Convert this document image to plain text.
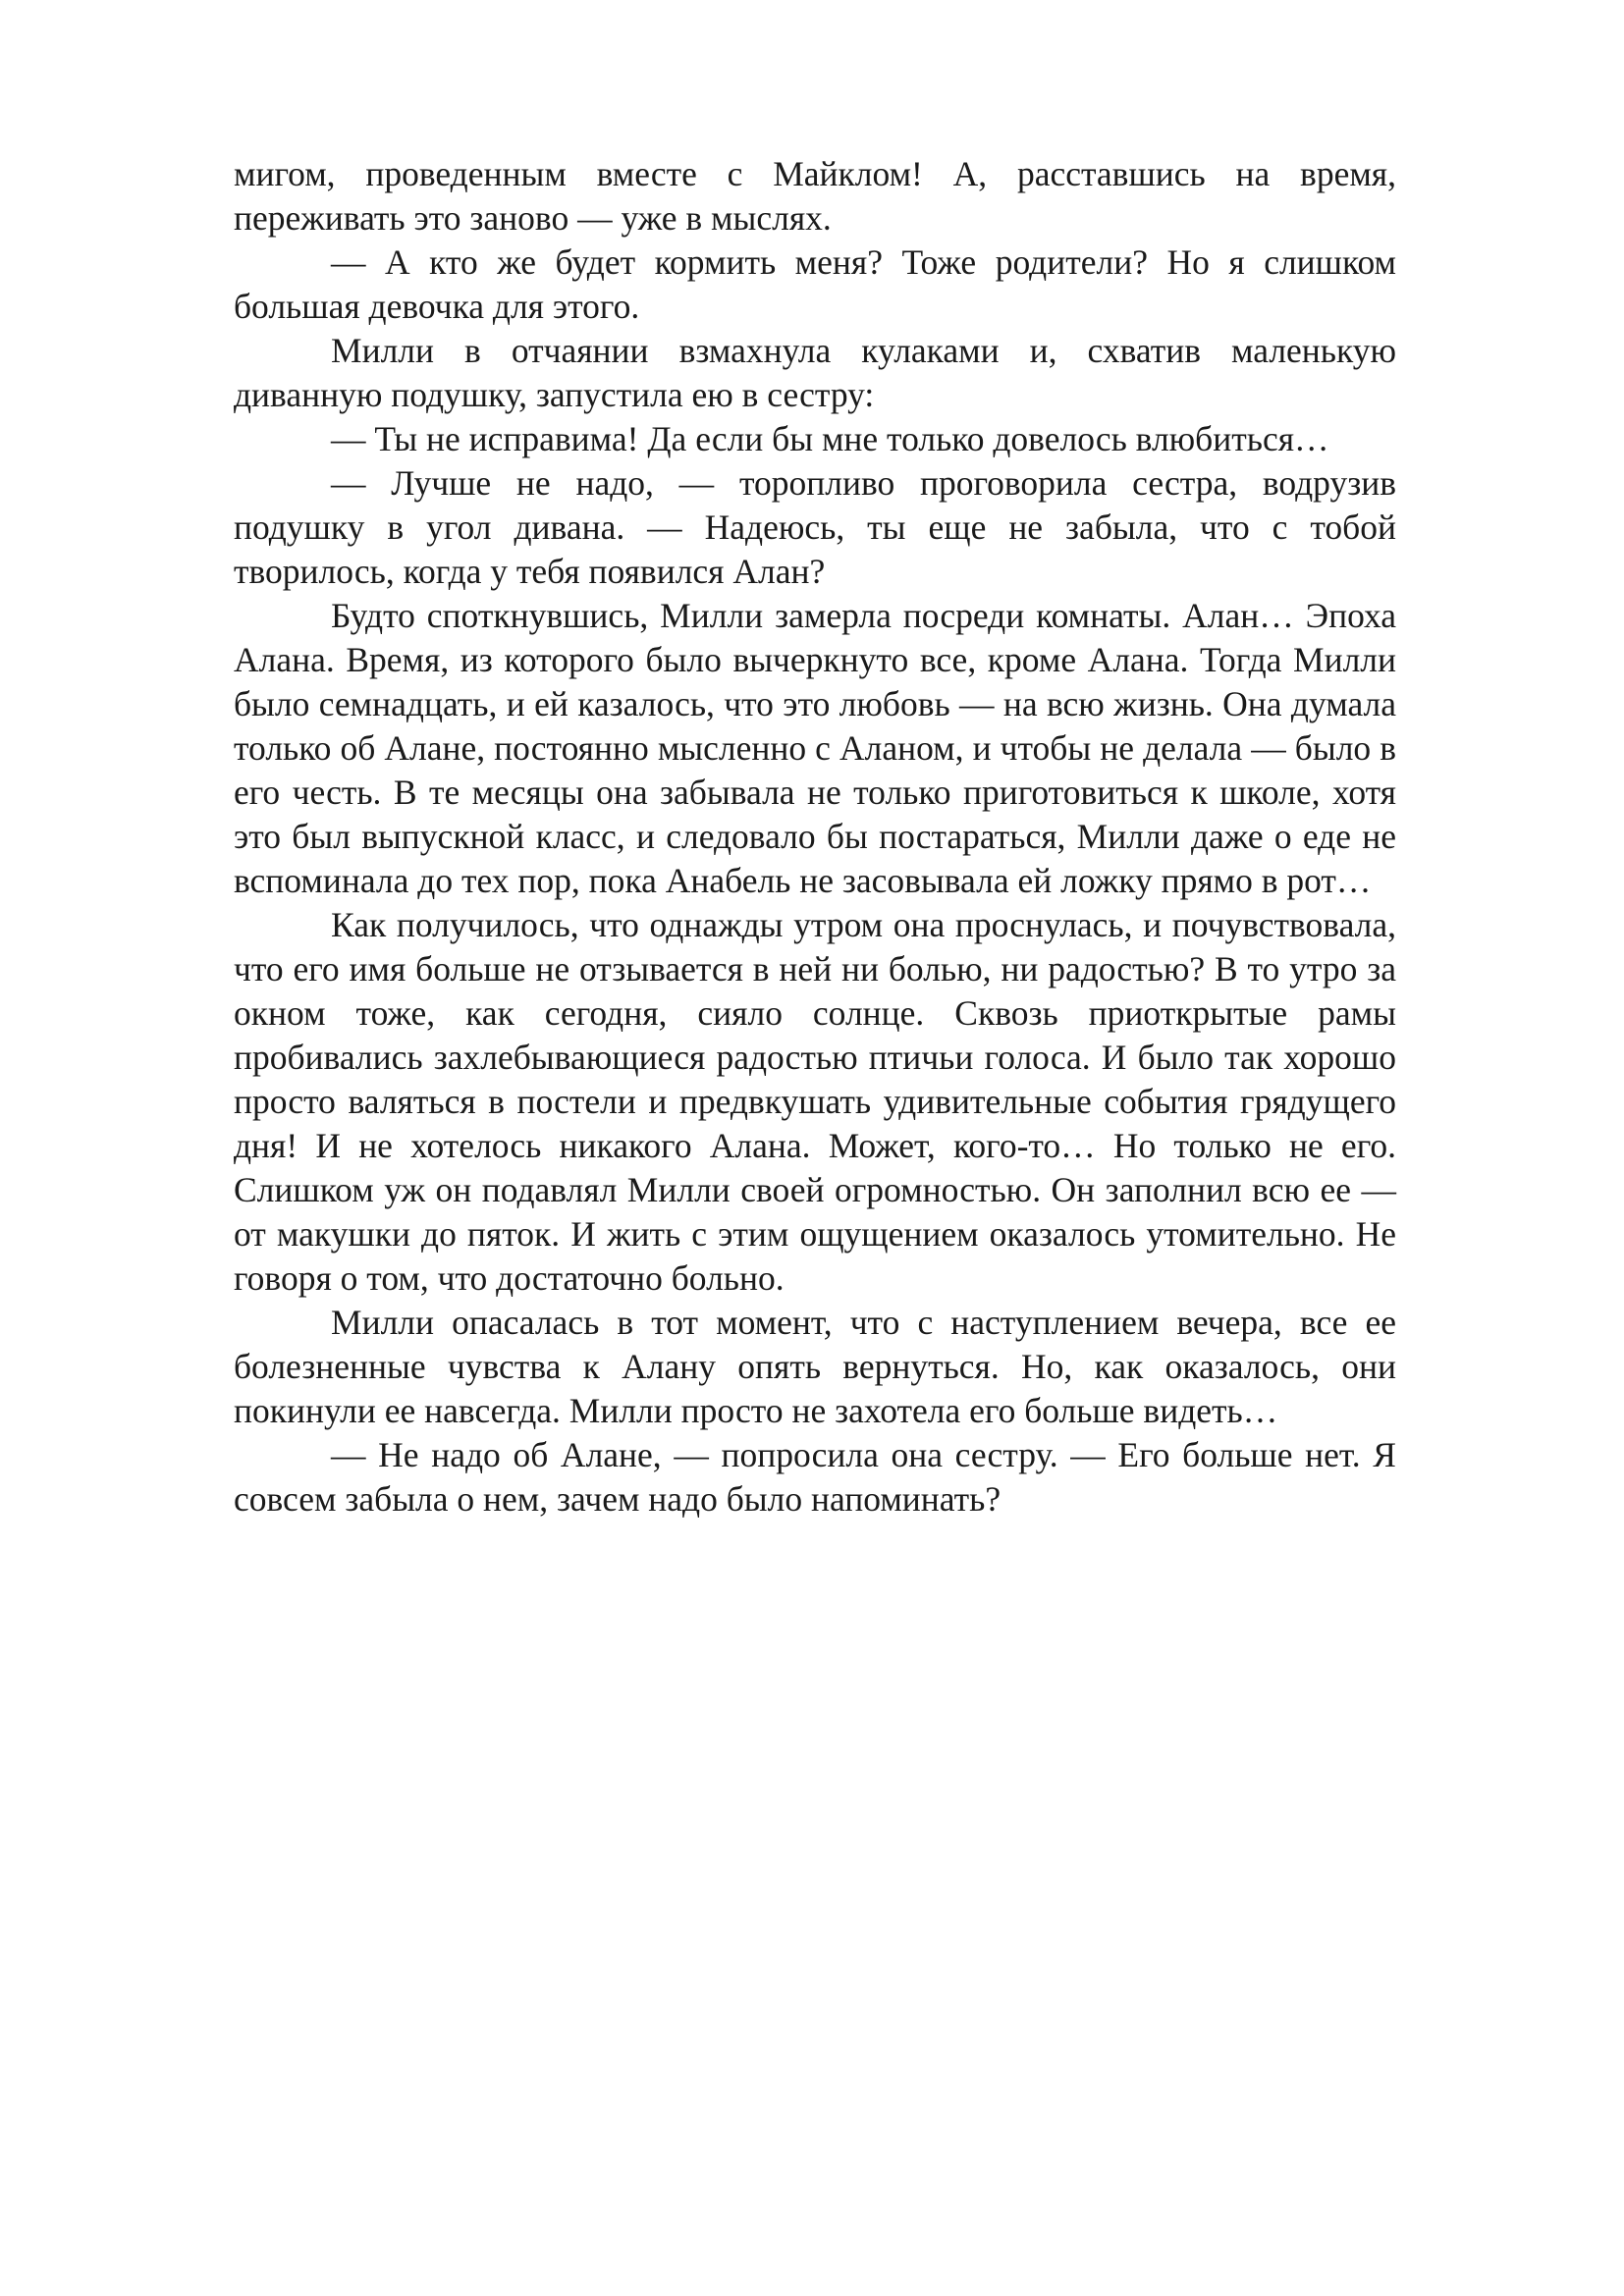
мигом, проведенным вместе с Майклом! А, расставшись на время, переживать это заново — уже в мыслях.

— А кто же будет кормить меня? Тоже родители? Но я слишком большая девочка для этого.

Милли в отчаянии взмахнула кулаками и, схватив маленькую диванную подушку, запустила ею в сестру:

— Ты не исправима! Да если бы мне только довелось влюбиться…

— Лучше не надо, — торопливо проговорила сестра, водрузив подушку в угол дивана. — Надеюсь, ты еще не забыла, что с тобой творилось, когда у тебя появился Алан?

Будто споткнувшись, Милли замерла посреди комнаты. Алан… Эпоха Алана. Время, из которого было вычеркнуто все, кроме Алана. Тогда Милли было семнадцать, и ей казалось, что это любовь — на всю жизнь. Она думала только об Алане, постоянно мысленно с Аланом, и чтобы не делала — было в его честь. В те месяцы она забывала не только приготовиться к школе, хотя это был выпускной класс, и следовало бы постараться, Милли даже о еде не вспоминала до тех пор, пока Анабель не засовывала ей ложку прямо в рот…

Как получилось, что однажды утром она проснулась, и почувствовала, что его имя больше не отзывается в ней ни болью, ни радостью? В то утро за окном тоже, как сегодня, сияло солнце. Сквозь приоткрытые рамы пробивались захлебывающиеся радостью птичьи голоса. И было так хорошо просто валяться в постели и предвкушать удивительные события грядущего дня! И не хотелось никакого Алана. Может, кого-то… Но только не его. Слишком уж он подавлял Милли своей огромностью. Он заполнил всю ее — от макушки до пяток. И жить с этим ощущением оказалось утомительно. Не говоря о том, что достаточно больно.

Милли опасалась в тот момент, что с наступлением вечера, все ее болезненные чувства к Алану опять вернуться. Но, как оказалось, они покинули ее навсегда. Милли просто не захотела его больше видеть…

— Не надо об Алане, — попросила она сестру. — Его больше нет. Я совсем забыла о нем, зачем надо было напоминать?
